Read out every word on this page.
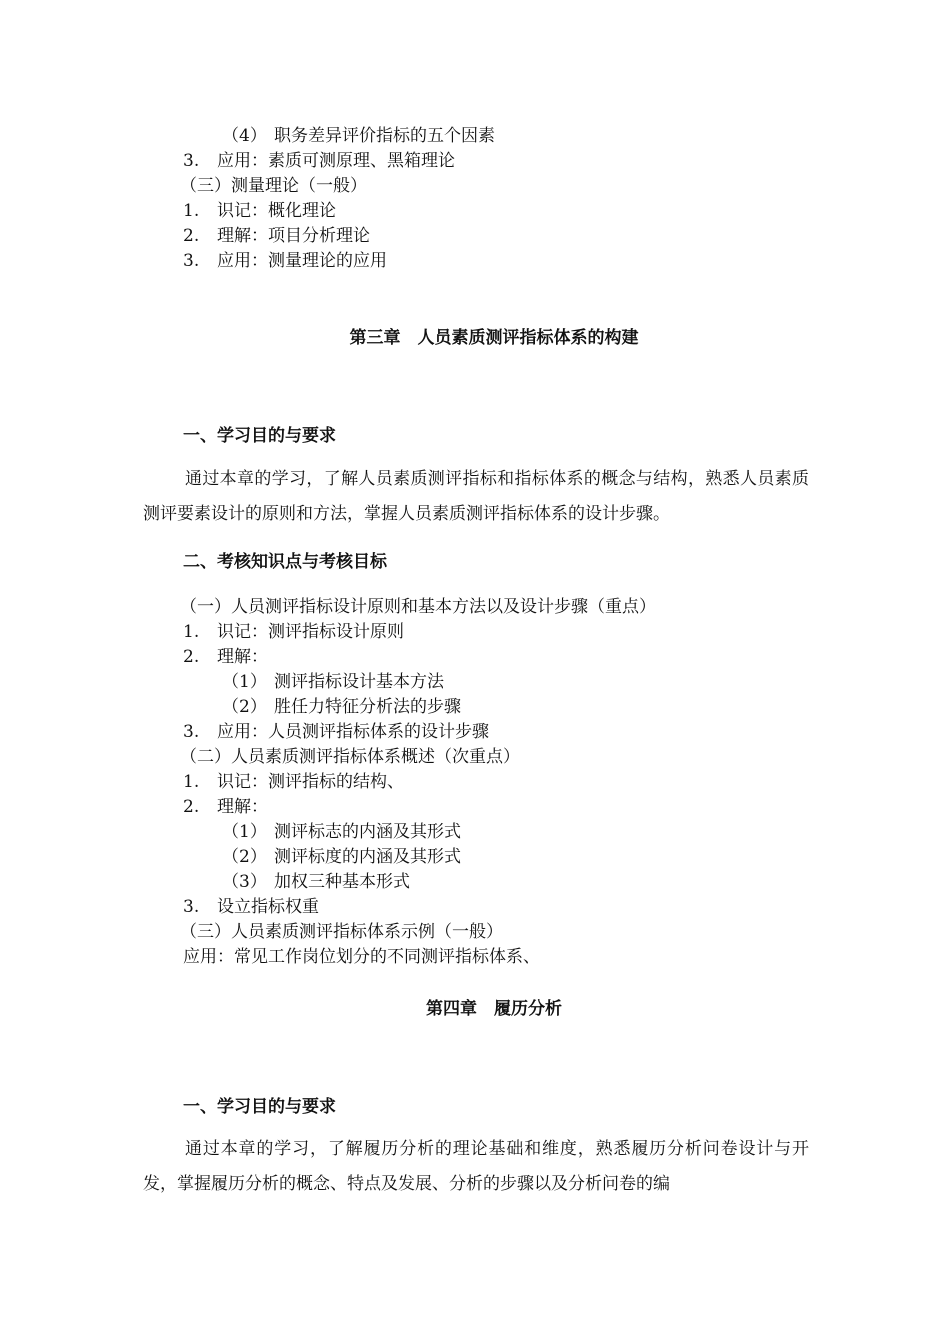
（4） 职务差异评价指标的五个因素
3. 应用：素质可测原理、黑箱理论
（三）测量理论（一般）
1. 识记：概化理论
2. 理解：项目分析理论
3. 应用：测量理论的应用
第三章　人员素质测评指标体系的构建
一、学习目的与要求
通过本章的学习，了解人员素质测评指标和指标体系的概念与结构，熟悉人员素质测评要素设计的原则和方法，掌握人员素质测评指标体系的设计步骤。
二、考核知识点与考核目标
（一）人员测评指标设计原则和基本方法以及设计步骤（重点）
1. 识记：测评指标设计原则
2. 理解：
（1） 测评指标设计基本方法
（2） 胜任力特征分析法的步骤
3. 应用：人员测评指标体系的设计步骤
（二）人员素质测评指标体系概述（次重点）
1. 识记：测评指标的结构、
2. 理解：
（1） 测评标志的内涵及其形式
（2） 测评标度的内涵及其形式
（3） 加权三种基本形式
3. 设立指标权重
（三）人员素质测评指标体系示例（一般）
应用：常见工作岗位划分的不同测评指标体系、
第四章　履历分析
一、学习目的与要求
通过本章的学习，了解履历分析的理论基础和维度，熟悉履历分析问卷设计与开发，掌握履历分析的概念、特点及发展、分析的步骤以及分析问卷的编
